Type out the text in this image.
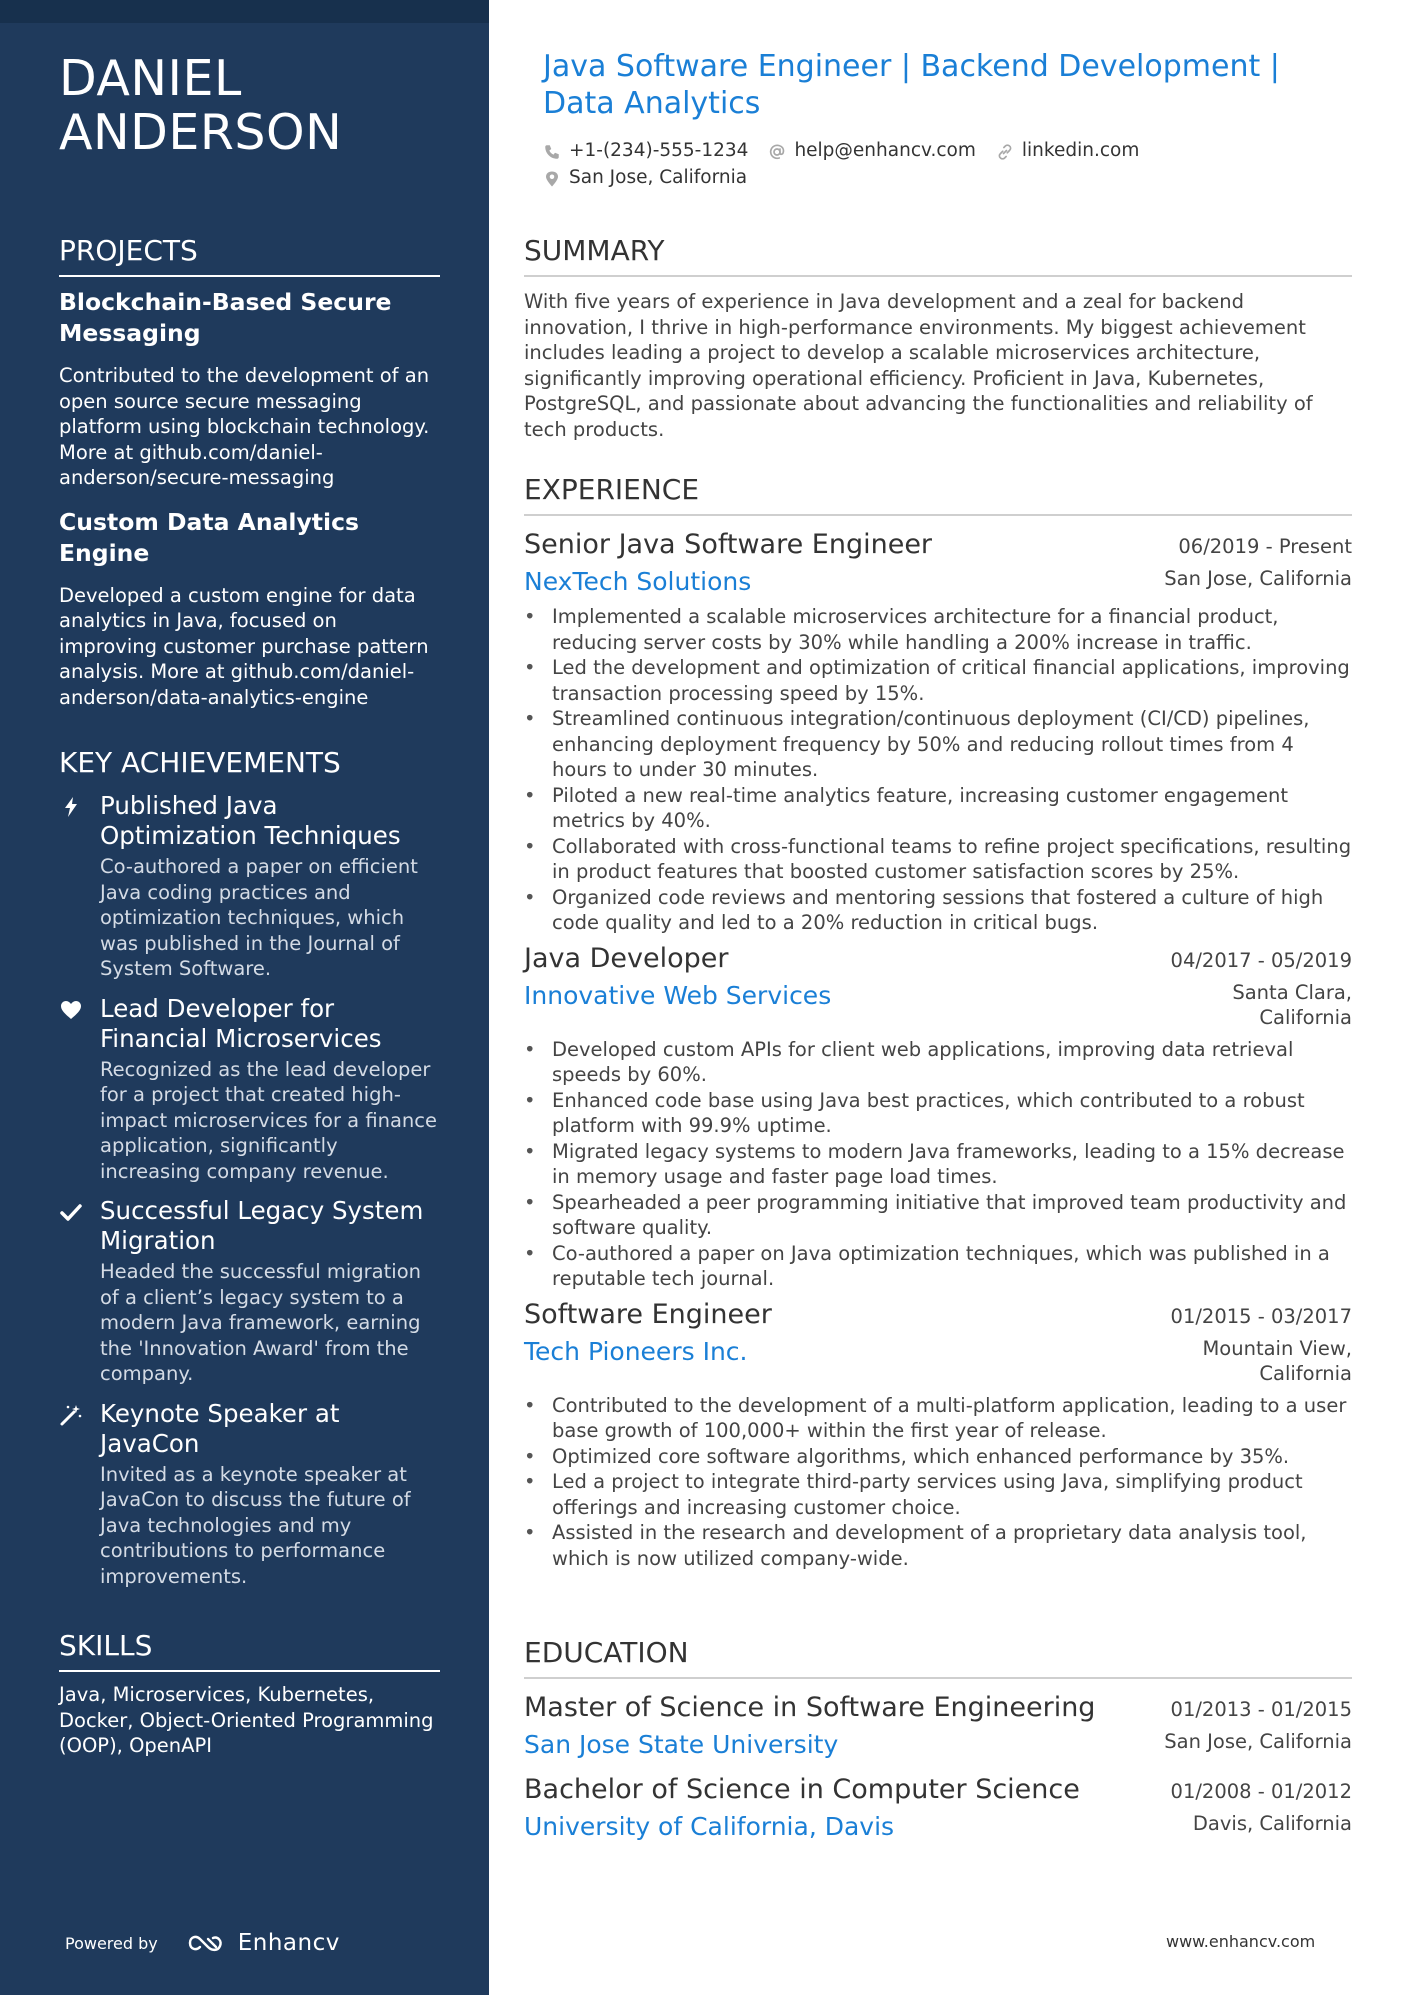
DANIEL ANDERSON
PROJECTS
Blockchain-Based Secure Messaging
Contributed to the development of an open source secure messaging platform using blockchain technology. More at github.com/daniel-anderson/secure-messaging
Custom Data Analytics Engine
Developed a custom engine for data analytics in Java, focused on improving customer purchase pattern analysis. More at github.com/daniel-anderson/data-analytics-engine
KEY ACHIEVEMENTS
Published Java Optimization Techniques
Co-authored a paper on efficient Java coding practices and optimization techniques, which was published in the Journal of System Software.
Lead Developer for Financial Microservices
Recognized as the lead developer for a project that created high-impact microservices for a finance application, significantly increasing company revenue.
Successful Legacy System Migration
Headed the successful migration of a client’s legacy system to a modern Java framework, earning the 'Innovation Award' from the company.
Keynote Speaker at JavaCon
Invited as a keynote speaker at JavaCon to discuss the future of Java technologies and my contributions to performance improvements.
SKILLS
Java, Microservices, Kubernetes, Docker, Object-Oriented Programming (OOP), OpenAPI
Powered by	Enhancv
Java Software Engineer | Backend Development | Data Analytics
+1-(234)-555-1234 help@enhancv.com linkedin.com
San Jose, California
SUMMARY
With five years of experience in Java development and a zeal for backend innovation, I thrive in high-performance environments. My biggest achievement includes leading a project to develop a scalable microservices architecture, significantly improving operational efficiency. Proficient in Java, Kubernetes, PostgreSQL, and passionate about advancing the functionalities and reliability of tech products.
EXPERIENCE
Senior Java Software Engineer	06/2019 - Present
NexTech Solutions	San Jose, California
• Implemented a scalable microservices architecture for a financial product, reducing server costs by 30% while handling a 200% increase in traffic.
• Led the development and optimization of critical financial applications, improving transaction processing speed by 15%.
• Streamlined continuous integration/continuous deployment (CI/CD) pipelines, enhancing deployment frequency by 50% and reducing rollout times from 4 hours to under 30 minutes.
• Piloted a new real-time analytics feature, increasing customer engagement metrics by 40%.
• Collaborated with cross-functional teams to refine project specifications, resulting in product features that boosted customer satisfaction scores by 25%.
• Organized code reviews and mentoring sessions that fostered a culture of high code quality and led to a 20% reduction in critical bugs.
Java Developer	04/2017 - 05/2019
Innovative Web Services	Santa Clara, California
• Developed custom APIs for client web applications, improving data retrieval speeds by 60%.
• Enhanced code base using Java best practices, which contributed to a robust platform with 99.9% uptime.
• Migrated legacy systems to modern Java frameworks, leading to a 15% decrease in memory usage and faster page load times.
• Spearheaded a peer programming initiative that improved team productivity and software quality.
• Co-authored a paper on Java optimization techniques, which was published in a reputable tech journal.
Software Engineer	01/2015 - 03/2017
Tech Pioneers Inc.	Mountain View, California
• Contributed to the development of a multi-platform application, leading to a user base growth of 100,000+ within the first year of release.
• Optimized core software algorithms, which enhanced performance by 35%.
• Led a project to integrate third-party services using Java, simplifying product offerings and increasing customer choice.
• Assisted in the research and development of a proprietary data analysis tool, which is now utilized company-wide.
EDUCATION
Master of Science in Software Engineering	01/2013 - 01/2015
San Jose State University	San Jose, California
Bachelor of Science in Computer Science	01/2008 - 01/2012
University of California, Davis	Davis, California
www.enhancv.com
